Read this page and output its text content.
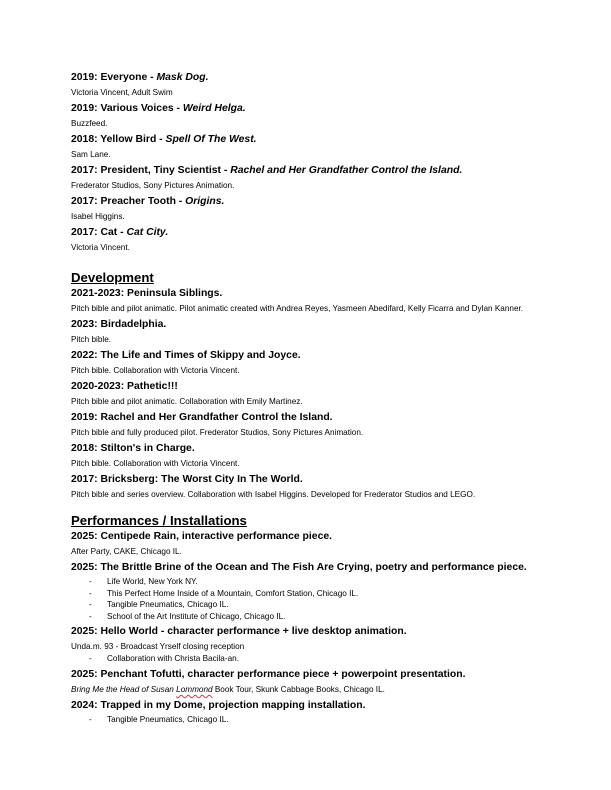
2019: Everyone - Mask Dog.

Victoria Vincent, Adult Swim

2019: Various Voices - Weird Helga.

Buzzfeed.

2018: Yellow Bird - Spell Of The West.

Sam Lane.

2017: President, Tiny Scientist - Rachel and Her Grandfather Control the Island.

Frederator Studios, Sony Pictures Animation.

2017: Preacher Tooth - Origins.

Isabel Higgins.

2017: Cat - Cat City.

Victoria Vincent.

Development

2021-2023: Peninsula Siblings.

Pitch bible and pilot animatic. Pilot animatic created with Andrea Reyes, Yasmeen Abedifard, Kelly Ficarra and Dylan Kanner.

2023: Birdadelphia.

Pitch bible.

2022: The Life and Times of Skippy and Joyce.

Pitch bible. Collaboration with Victoria Vincent.

2020-2023: Pathetic!!!

Pitch bible and pilot animatic. Collaboration with Emily Martinez.

2019: Rachel and Her Grandfather Control the Island.

Pitch bible and fully produced pilot. Frederator Studios, Sony Pictures Animation.

2018: Stilton's in Charge.

Pitch bible. Collaboration with Victoria Vincent.

2017: Bricksberg: The Worst City In The World.

Pitch bible and series overview. Collaboration with Isabel Higgins. Developed for Frederator Studios and LEGO.

Performances / Installations

2025: Centipede Rain, interactive performance piece.

After Party, CAKE, Chicago IL.

2025: The Brittle Brine of the Ocean and The Fish Are Crying, poetry and performance piece.

- Life World, New York NY.
- This Perfect Home Inside of a Mountain, Comfort Station, Chicago IL.
- Tangible Pneumatics, Chicago IL.
- School of the Art Institute of Chicago, Chicago IL.

2025: Hello World - character performance + live desktop animation.

Unda.m. 93 - Broadcast Yrself closing reception

- Collaboration with Christa Bacila-an.

2025: Penchant Tofutti, character performance piece + powerpoint presentation.

Bring Me the Head of Susan Lommond Book Tour, Skunk Cabbage Books, Chicago IL.

2024: Trapped in my Dome, projection mapping installation.

- Tangible Pneumatics, Chicago IL.
